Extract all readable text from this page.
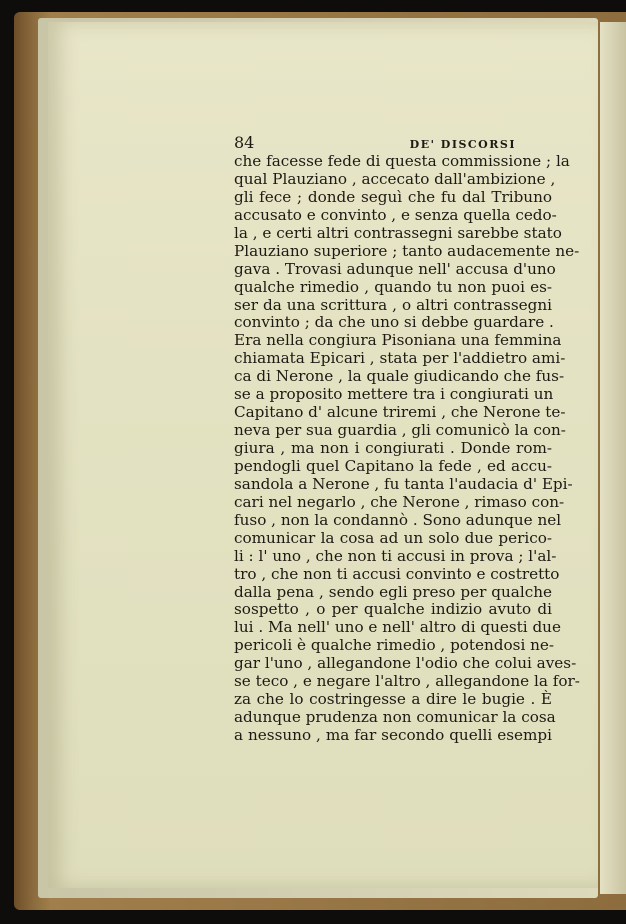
84	DE' DISCORSI
che facesse fede di questa commissione ; la
qual Plauziano , accecato dall'ambizione ,
gli fece ; donde seguì che fu dal Tribuno
accusato e convinto , e senza quella cedo-
la , e certi altri contrassegni sarebbe stato
Plauziano superiore ; tanto audacemente ne-
gava . Trovasi adunque nell' accusa d'uno
qualche rimedio , quando tu non puoi es-
ser da una scrittura , o altri contrassegni
convinto ; da che uno si debbe guardare .
Era nella congiura Pisoniana una femmina
chiamata Epicari , stata per l'addietro ami-
ca di Nerone , la quale giudicando che fus-
se a proposito mettere tra i congiurati un
Capitano d' alcune triremi , che Nerone te-
neva per sua guardia , gli comunicò la con-
giura , ma non i congiurati . Donde rom-
pendogli quel Capitano la fede , ed accu-
sandola a Nerone , fu tanta l'audacia d' Epi-
cari nel negarlo , che Nerone , rimaso con-
fuso , non la condannò . Sono adunque nel
comunicar la cosa ad un solo due perico-
li : l' uno , che non ti accusi in prova ; l'al-
tro , che non ti accusi convinto e costretto
dalla pena , sendo egli preso per qualche
sospetto , o per qualche indizio avuto di
lui . Ma nell' uno e nell' altro di questi due
pericoli è qualche rimedio , potendosi ne-
gar l'uno , allegandone l'odio che colui aves-
se teco , e negare l'altro , allegandone la for-
za che lo costringesse a dire le bugie . È
adunque prudenza non comunicar la cosa
a nessuno , ma far secondo quelli esempi
